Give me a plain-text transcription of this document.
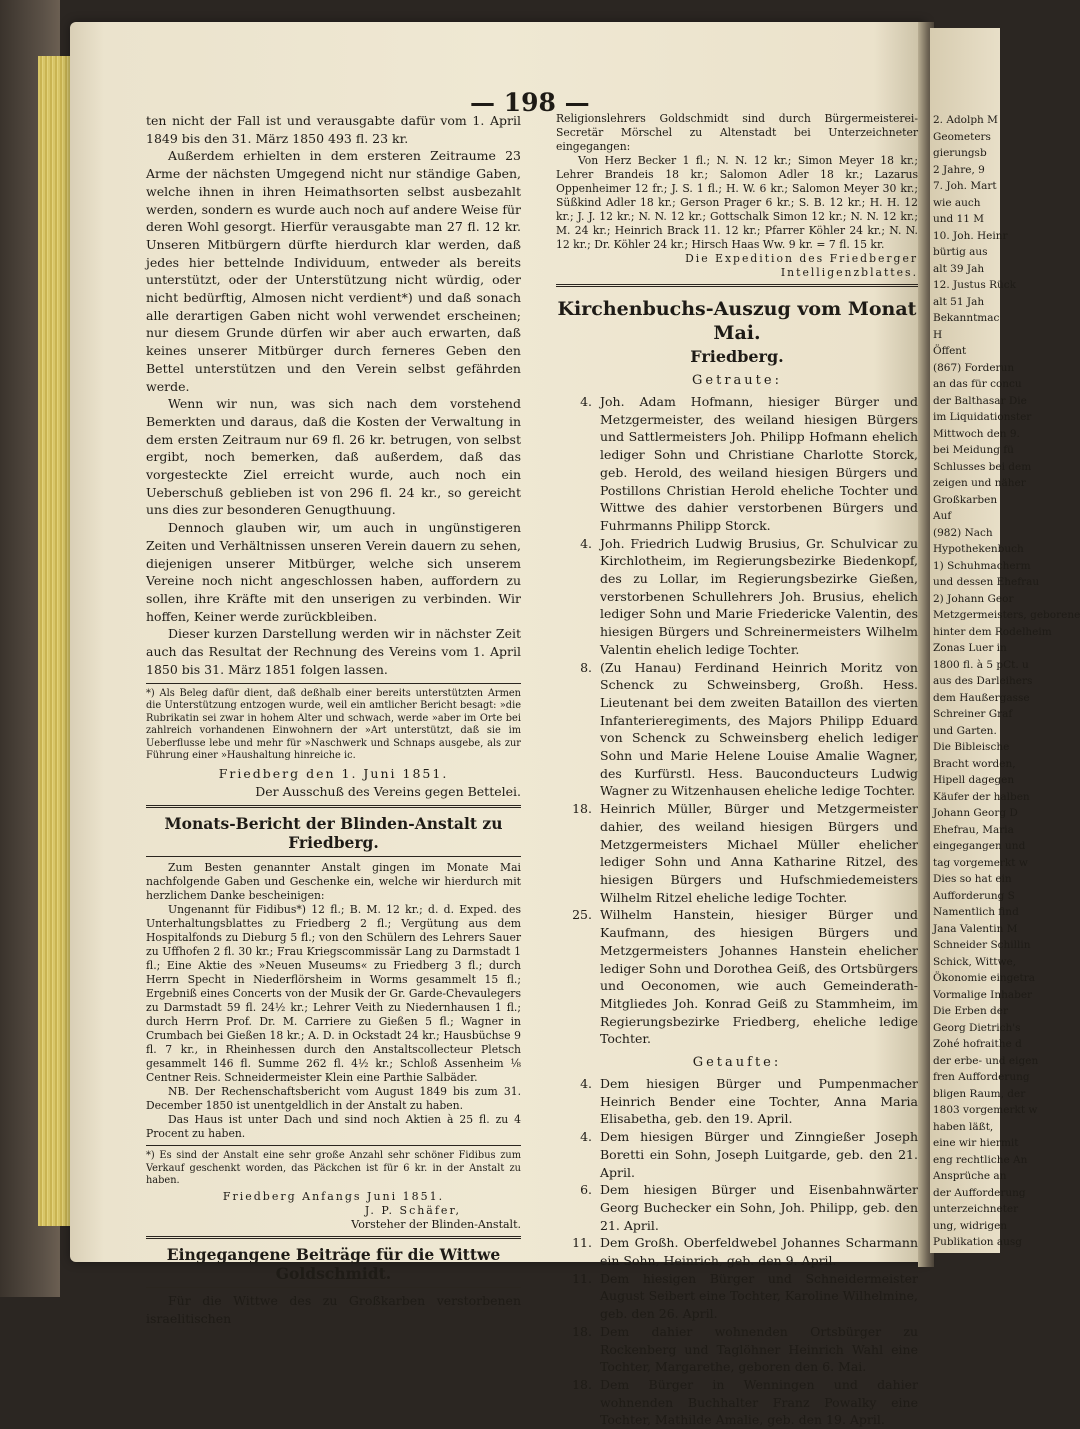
2. Adolph M
Geometers
gierungsb
2 Jahre, 9
7. Joh. Mart
wie auch
und 11 M
10. Joh. Heinr
bürtig aus
alt 39 Jah
12. Justus Rück
alt 51 Jah
Bekanntmac
H
Öffent
(867) Forderun
an das für concu
der Balthasar Die
im Liquidationster
Mittwoch den 9.
bei Meidung fü
Schlusses bei dem
zeigen und näher
Großkarben
Auf
(982) Nach
Hypothekenbuch
1) Schuhmacherm
und dessen Ehefrau
2) Johann Geor
Metzgermeisters, geborene
hinter dem Rodelheim
Zonas Luer in
1800 fl. à 5 pCt. u
aus des Darleihers
dem Haußergasse
Schreiner Graf
und Garten.
Die Bibleische
Bracht worden,
Hipell dagegen
Käufer der halben
Johann Georg D
Ehefrau, Maria
eingegangen und
tag vorgemerkt w
Dies so hat ein
Aufforderung S
Namentlich find
Jana Valentin M
Schneider Schillin
Schick, Wittwe,
Ökonomie eingetra
Vormalige Inhaber
Die Erben der
Georg Dietrich's
Zohé hofraithe d
der erbe- und eigen
fren Aufforderung
bligen Raum, der
1803 vorgemerkt w
haben läßt,
eine wir hiermit
eng rechtliche An
Ansprüche an
der Aufforderung
unterzeichneter
ung, widrigen
Publikation ausg
— 198 —

ten nicht der Fall ist und verausgabte dafür vom 1. April 1849 bis den 31. März 1850 493 fl. 23 kr.

Außerdem erhielten in dem ersteren Zeitraume 23 Arme der nächsten Umgegend nicht nur ständige Gaben, welche ihnen in ihren Heimathsorten selbst ausbezahlt werden, sondern es wurde auch noch auf andere Weise für deren Wohl gesorgt. Hierfür verausgabte man 27 fl. 12 kr. Unseren Mitbürgern dürfte hierdurch klar werden, daß jedes hier bettelnde Individuum, entweder als bereits unterstützt, oder der Unterstützung nicht würdig, oder nicht bedürftig, Almosen nicht verdient*) und daß sonach alle derartigen Gaben nicht wohl verwendet erscheinen; nur diesem Grunde dürfen wir aber auch erwarten, daß keines unserer Mitbürger durch ferneres Geben den Bettel unterstützen und den Verein selbst gefährden werde.

Wenn wir nun, was sich nach dem vorstehend Bemerkten und daraus, daß die Kosten der Verwaltung in dem ersten Zeitraum nur 69 fl. 26 kr. betrugen, von selbst ergibt, noch bemerken, daß außerdem, daß das vorgesteckte Ziel erreicht wurde, auch noch ein Ueberschuß geblieben ist von 296 fl. 24 kr., so gereicht uns dies zur besonderen Genugthuung.

Dennoch glauben wir, um auch in ungünstigeren Zeiten und Verhältnissen unseren Verein dauern zu sehen, diejenigen unserer Mitbürger, welche sich unserem Vereine noch nicht angeschlossen haben, auffordern zu sollen, ihre Kräfte mit den unserigen zu verbinden. Wir hoffen, Keiner werde zurückbleiben.

Dieser kurzen Darstellung werden wir in nächster Zeit auch das Resultat der Rechnung des Vereins vom 1. April 1850 bis 31. März 1851 folgen lassen.

*) Als Beleg dafür dient, daß deßhalb einer bereits unterstützten Armen die Unterstützung entzogen wurde, weil ein amtlicher Bericht besagt: »die Rubrikatin sei zwar in hohem Alter und schwach, werde »aber im Orte bei zahlreich vorhandenen Einwohnern der »Art unterstützt, daß sie im Ueberflusse lebe und mehr für »Naschwerk und Schnaps ausgebe, als zur Führung einer »Haushaltung hinreiche ic.

Friedberg den 1. Juni 1851.

Der Ausschuß des Vereins gegen Bettelei.

Monats-Bericht der Blinden-Anstalt zu Friedberg.

Zum Besten genannter Anstalt gingen im Monate Mai nachfolgende Gaben und Geschenke ein, welche wir hierdurch mit herzlichem Danke bescheinigen:

Ungenannt für Fidibus*) 12 fl.; B. M. 12 kr.; d. d. Exped. des Unterhaltungsblattes zu Friedberg 2 fl.; Vergütung aus dem Hospitalfonds zu Dieburg 5 fl.; von den Schülern des Lehrers Sauer zu Uffhofen 2 fl. 30 kr.; Frau Kriegscommissär Lang zu Darmstadt 1 fl.; Eine Aktie des »Neuen Museums« zu Friedberg 3 fl.; durch Herrn Specht in Niederflörsheim in Worms gesammelt 15 fl.; Ergebniß eines Concerts von der Musik der Gr. Garde-Chevaulegers zu Darmstadt 59 fl. 24½ kr.; Lehrer Veith zu Niedernhausen 1 fl.; durch Herrn Prof. Dr. M. Carriere zu Gießen 5 fl.; Wagner in Crumbach bei Gießen 18 kr.; A. D. in Ockstadt 24 kr.; Hausbüchse 9 fl. 7 kr., in Rheinhessen durch den Anstaltscollecteur Pletsch gesammelt 146 fl. Summe 262 fl. 4½ kr.; Schloß Assenheim ⅛ Centner Reis. Schneidermeister Klein eine Parthie Salbäder.

NB. Der Rechenschaftsbericht vom August 1849 bis zum 31. December 1850 ist unentgeldlich in der Anstalt zu haben.

Das Haus ist unter Dach und sind noch Aktien à 25 fl. zu 4 Procent zu haben.

*) Es sind der Anstalt eine sehr große Anzahl sehr schöner Fidibus zum Verkauf geschenkt worden, das Päckchen ist für 6 kr. in der Anstalt zu haben.

Friedberg Anfangs Juni 1851.

J. P. Schäfer,

Vorsteher der Blinden-Anstalt.

Eingegangene Beiträge für die Wittwe Goldschmidt.

Für die Wittwe des zu Großkarben verstorbenen israelitischen

Religionslehrers Goldschmidt sind durch Bürgermeisterei-Secretär Mörschel zu Altenstadt bei Unterzeichneter eingegangen:

Von Herz Becker 1 fl.; N. N. 12 kr.; Simon Meyer 18 kr.; Lehrer Brandeis 18 kr.; Salomon Adler 18 kr.; Lazarus Oppenheimer 12 fr.; J. S. 1 fl.; H. W. 6 kr.; Salomon Meyer 30 kr.; Süßkind Adler 18 kr.; Gerson Prager 6 kr.; S. B. 12 kr.; H. H. 12 kr.; J. J. 12 kr.; N. N. 12 kr.; Gottschalk Simon 12 kr.; N. N. 12 kr.; M. 24 kr.; Heinrich Brack 11. 12 kr.; Pfarrer Köhler 24 kr.; N. N. 12 kr.; Dr. Köhler 24 kr.; Hirsch Haas Ww. 9 kr. = 7 fl. 15 kr.

Die Expedition des Friedberger Intelligenzblattes.

Kirchenbuchs-Auszug vom Monat Mai.
Friedberg.
Getraute:
4. Joh. Adam Hofmann, hiesiger Bürger und Metzgermeister, des weiland hiesigen Bürgers und Sattlermeisters Joh. Philipp Hofmann ehelich lediger Sohn und Christiane Charlotte Storck, geb. Herold, des weiland hiesigen Bürgers und Postillons Christian Herold eheliche Tochter und Wittwe des dahier verstorbenen Bürgers und Fuhrmanns Philipp Storck.
4. Joh. Friedrich Ludwig Brusius, Gr. Schulvicar zu Kirchlotheim, im Regierungsbezirke Biedenkopf, des zu Lollar, im Regierungsbezirke Gießen, verstorbenen Schullehrers Joh. Brusius, ehelich lediger Sohn und Marie Friedericke Valentin, des hiesigen Bürgers und Schreinermeisters Wilhelm Valentin ehelich ledige Tochter.
8. (Zu Hanau) Ferdinand Heinrich Moritz von Schenck zu Schweinsberg, Großh. Hess. Lieutenant bei dem zweiten Bataillon des vierten Infanterieregiments, des Majors Philipp Eduard von Schenck zu Schweinsberg ehelich lediger Sohn und Marie Helene Louise Amalie Wagner, des Kurfürstl. Hess. Bauconducteurs Ludwig Wagner zu Witzenhausen eheliche ledige Tochter.
18. Heinrich Müller, Bürger und Metzgermeister dahier, des weiland hiesigen Bürgers und Metzgermeisters Michael Müller ehelicher lediger Sohn und Anna Katharine Ritzel, des hiesigen Bürgers und Hufschmiedemeisters Wilhelm Ritzel eheliche ledige Tochter.
25. Wilhelm Hanstein, hiesiger Bürger und Kaufmann, des hiesigen Bürgers und Metzgermeisters Johannes Hanstein ehelicher lediger Sohn und Dorothea Geiß, des Ortsbürgers und Oeconomen, wie auch Gemeinderath-Mitgliedes Joh. Konrad Geiß zu Stammheim, im Regierungsbezirke Friedberg, eheliche ledige Tochter.
Getaufte:
4. Dem hiesigen Bürger und Pumpenmacher Heinrich Bender eine Tochter, Anna Maria Elisabetha, geb. den 19. April.
4. Dem hiesigen Bürger und Zinngießer Joseph Boretti ein Sohn, Joseph Luitgarde, geb. den 21. April.
6. Dem hiesigen Bürger und Eisenbahnwärter Georg Buchecker ein Sohn, Joh. Philipp, geb. den 21. April.
11. Dem Großh. Oberfeldwebel Johannes Scharmann ein Sohn, Heinrich, geb. den 9. April.
11. Dem hiesigen Bürger und Schneidermeister August Seibert eine Tochter, Karoline Wilhelmine, geb. den 26. April.
18. Dem dahier wohnenden Ortsbürger zu Rockenberg und Taglöhner Heinrich Wahl eine Tochter, Margarethe, geboren den 6. Mai.
18. Dem Bürger in Wenningen und dahier wohnenden Buchhalter Franz Powalky eine Tochter, Mathilde Amalie, geb. den 19. April.
